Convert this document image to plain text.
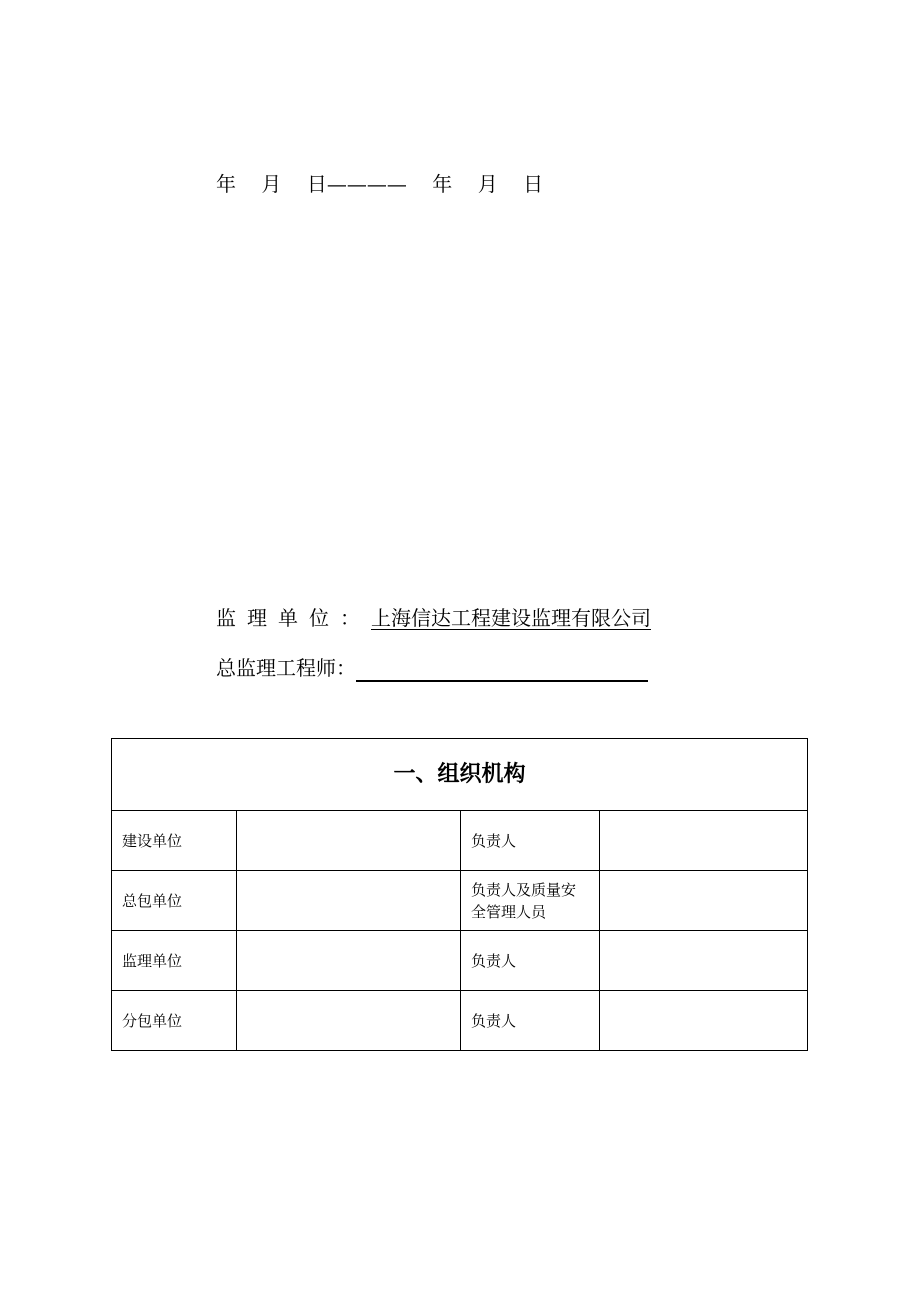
年    月    日————    年    月    日
监理单位：上海信达工程建设监理有限公司
总监理工程师：
一、组织机构			
建设单位		负责人	
总包单位		负责人及质量安全管理人员	
监理单位		负责人	
分包单位		负责人	
